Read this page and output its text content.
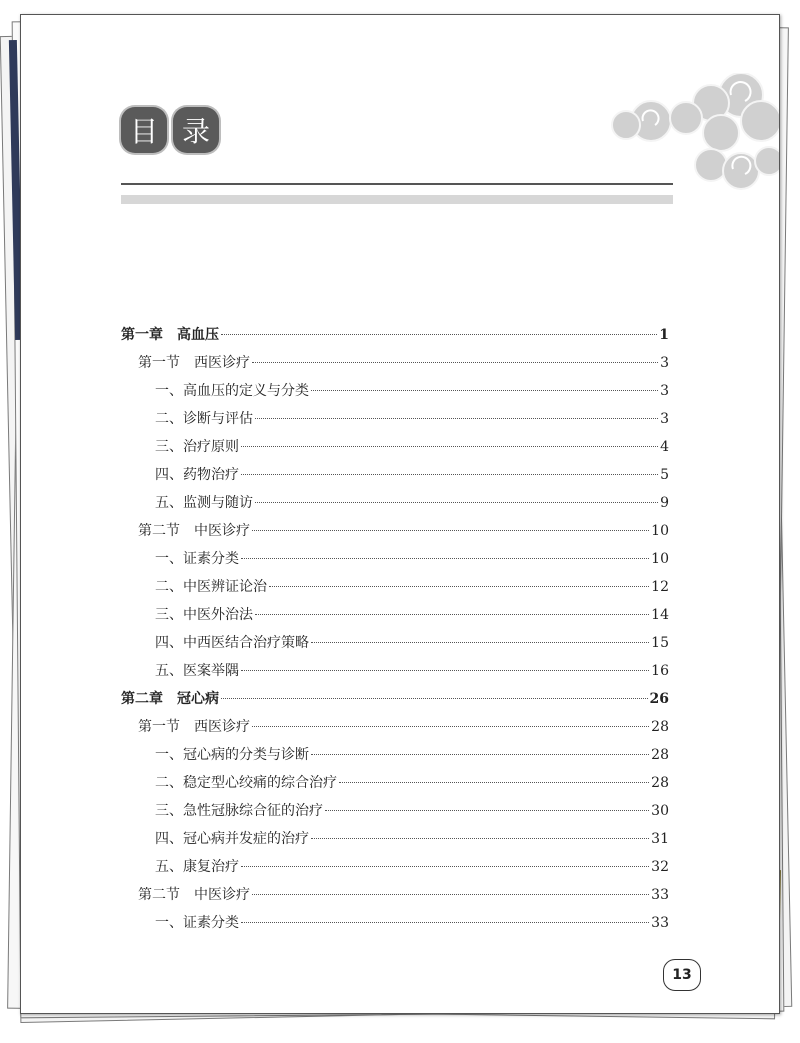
目 录
第一章　高血压	1
第一节　西医诊疗	3
一、高血压的定义与分类	3
二、诊断与评估	3
三、治疗原则	4
四、药物治疗	5
五、监测与随访	9
第二节　中医诊疗	10
一、证素分类	10
二、中医辨证论治	12
三、中医外治法	14
四、中西医结合治疗策略	15
五、医案举隅	16
第二章　冠心病	26
第一节　西医诊疗	28
一、冠心病的分类与诊断	28
二、稳定型心绞痛的综合治疗	28
三、急性冠脉综合征的治疗	30
四、冠心病并发症的治疗	31
五、康复治疗	32
第二节　中医诊疗	33
一、证素分类	33
13
